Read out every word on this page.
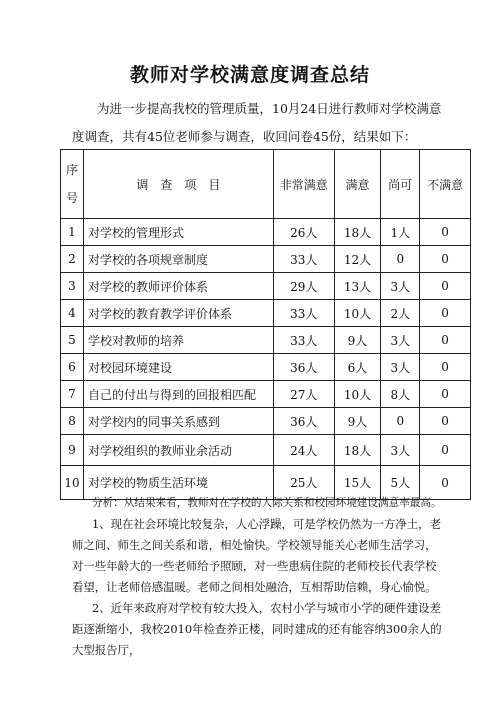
教师对学校满意度调查总结
为进一步提高我校的管理质量，10月24日进行教师对学校满意度调查，共有45位老师参与调查，收回问卷45份，结果如下：
序
号	调　查　项　目	非常满意	满意	尚可	不满意
1	对学校的管理形式	26人	18人	1人	0
2	对学校的各项规章制度	33人	12人	0	0
3	对学校的教师评价体系	29人	13人	3人	0
4	对学校的教育教学评价体系	33人	10人	2人	0
5	学校对教师的培养	33人	9人	3人	0
6	对校园环境建设	36人	6人	3人	0
7	自己的付出与得到的回报相匹配	27人	10人	8人	0
8	对学校内的同事关系感到	36人	9人	0	0
9	对学校组织的教师业余活动	24人	18人	3人	0
10	对学校的物质生活环境	25人	15人	5人	0

分析：从结果来看，教师对在学校的人际关系和校园环境建设满意率最高。

1、现在社会环境比较复杂，人心浮躁，可是学校仍然为一方净土，老师之间、师生之间关系和谐，相处愉快。学校领导能关心老师生活学习，对一些年龄大的一些老师给予照顾，对一些患病住院的老师校长代表学校看望，让老师倍感温暖。老师之间相处融洽，互相帮助信赖，身心愉悦。

2、近年来政府对学校有较大投入，农村小学与城市小学的硬件建设差距逐渐缩小，我校2010年检查养正楼，同时建成的还有能容纳300余人的大型报告厅，
